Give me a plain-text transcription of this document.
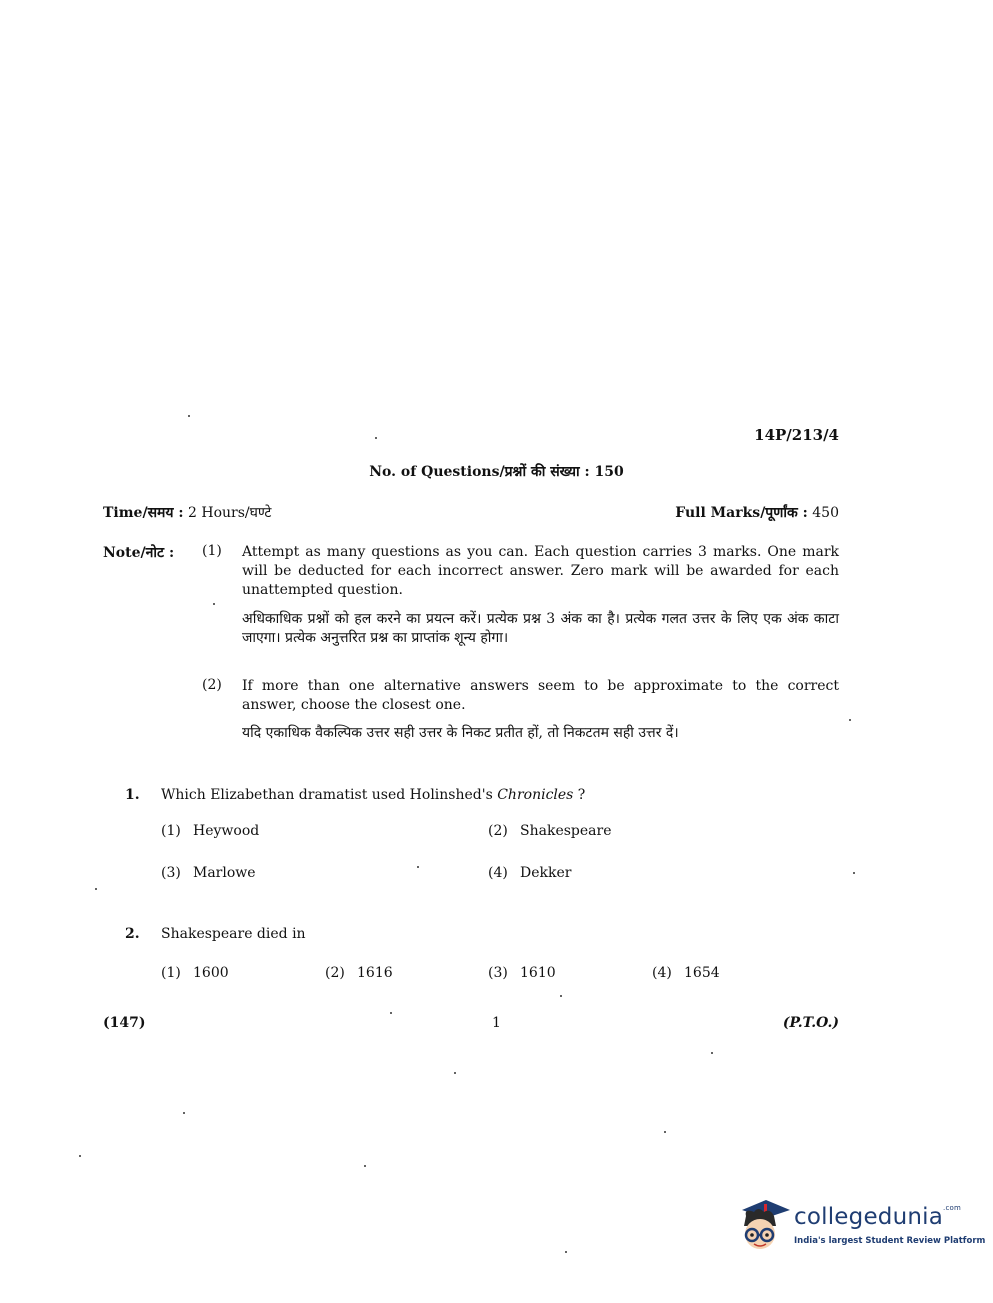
14P/213/4
No. of Questions/प्रश्नों की संख्या : 150
Time/समय : 2 Hours/घण्टे	Full Marks/पूर्णांक : 450
Note/नोट : (1) Attempt as many questions as you can. Each question carries 3 marks. One mark will be deducted for each incorrect answer. Zero mark will be awarded for each unattempted question.
अधिकाधिक प्रश्नों को हल करने का प्रयत्न करें। प्रत्येक प्रश्न 3 अंक का है। प्रत्येक गलत उत्तर के लिए एक अंक काटा जाएगा। प्रत्येक अनुत्तरित प्रश्न का प्राप्तांक शून्य होगा।
(2) If more than one alternative answers seem to be approximate to the correct answer, choose the closest one.
यदि एकाधिक वैकल्पिक उत्तर सही उत्तर के निकट प्रतीत हों, तो निकटतम सही उत्तर दें।
1. Which Elizabethan dramatist used Holinshed's Chronicles ?
(1) Heywood	(2) Shakespeare
(3) Marlowe	(4) Dekker
2. Shakespeare died in
(1) 1600	(2) 1616	(3) 1610	(4) 1654
(147)	1	(P.T.O.)
collegedunia$^{.com}$
India's largest Student Review Platform
